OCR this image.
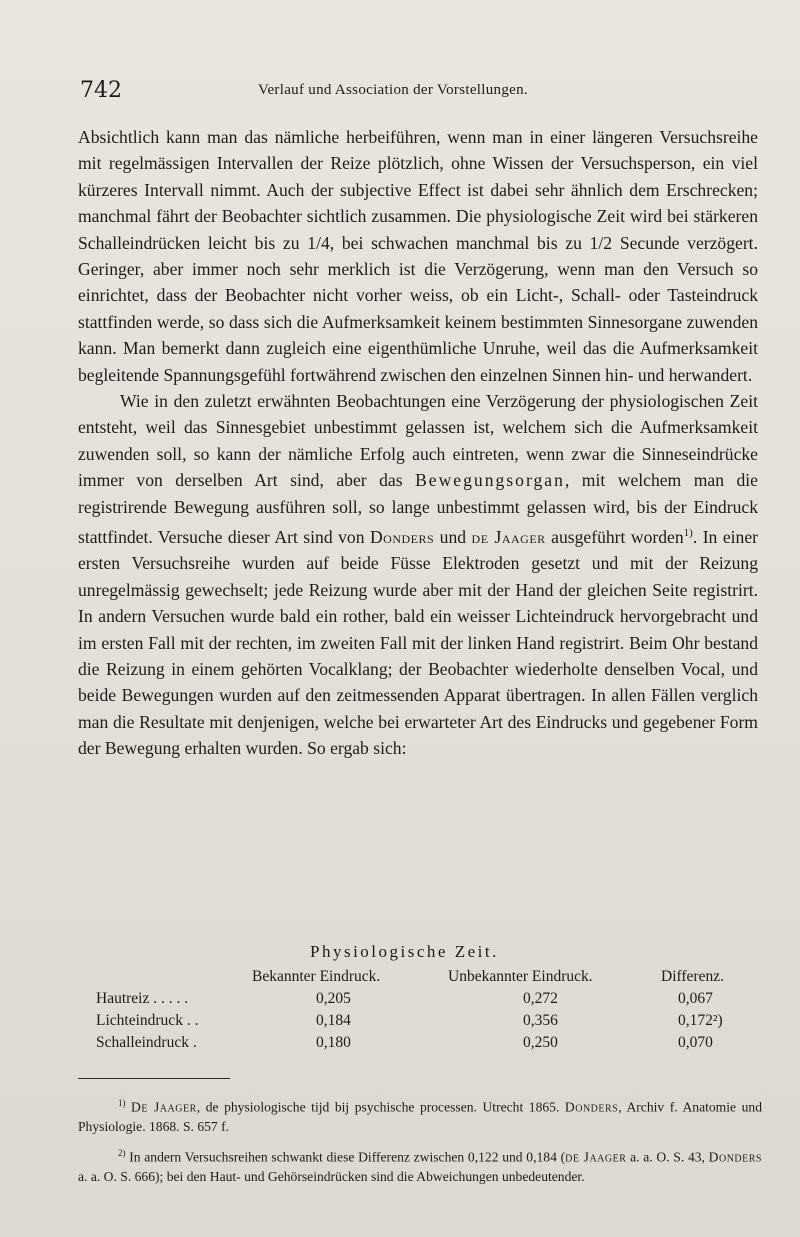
742	Verlauf und Association der Vorstellungen.

Absichtlich kann man das nämliche herbeiführen, wenn man in einer längeren Versuchsreihe mit regelmässigen Intervallen der Reize plötzlich, ohne Wissen der Versuchsperson, ein viel kürzeres Intervall nimmt. Auch der subjective Effect ist dabei sehr ähnlich dem Erschrecken; manchmal fährt der Beobachter sichtlich zusammen. Die physiologische Zeit wird bei stärkeren Schalleindrücken leicht bis zu 1/4, bei schwachen manchmal bis zu 1/2 Secunde verzögert. Geringer, aber immer noch sehr merklich ist die Verzögerung, wenn man den Versuch so einrichtet, dass der Beobachter nicht vorher weiss, ob ein Licht-, Schall- oder Tasteindruck stattfinden werde, so dass sich die Aufmerksamkeit keinem bestimmten Sinnesorgane zuwenden kann. Man bemerkt dann zugleich eine eigenthümliche Unruhe, weil das die Aufmerksamkeit begleitende Spannungsgefühl fortwährend zwischen den einzelnen Sinnen hin- und herwandert.

Wie in den zuletzt erwähnten Beobachtungen eine Verzögerung der physiologischen Zeit entsteht, weil das Sinnesgebiet unbestimmt gelassen ist, welchem sich die Aufmerksamkeit zuwenden soll, so kann der nämliche Erfolg auch eintreten, wenn zwar die Sinneseindrücke immer von derselben Art sind, aber das Bewegungsorgan, mit welchem man die registrirende Bewegung ausführen soll, so lange unbestimmt gelassen wird, bis der Eindruck stattfindet. Versuche dieser Art sind von Donders und de Jaager ausgeführt worden$^{1)}$. In einer ersten Versuchsreihe wurden auf beide Füsse Elektroden gesetzt und mit der Reizung unregelmässig gewechselt; jede Reizung wurde aber mit der Hand der gleichen Seite registrirt. In andern Versuchen wurde bald ein rother, bald ein weisser Lichteindruck hervorgebracht und im ersten Fall mit der rechten, im zweiten Fall mit der linken Hand registrirt. Beim Ohr bestand die Reizung in einem gehörten Vocalklang; der Beobachter wiederholte denselben Vocal, und beide Bewegungen wurden auf den zeitmessenden Apparat übertragen. In allen Fällen verglich man die Resultate mit denjenigen, welche bei erwarteter Art des Eindrucks und gegebener Form der Bewegung erhalten wurden. So ergab sich:

Physiologische Zeit.
Bekannter Eindruck.	Unbekannter Eindruck.	Differenz.
Hautreiz . . . . .	0,205	0,272	0,067
Lichteindruck . .	0,184	0,356	0,172²)
Schalleindruck .	0,180	0,250	0,070

$^{1)}$ De Jaager, de physiologische tijd bij psychische processen. Utrecht 1865. Donders, Archiv f. Anatomie und Physiologie. 1868. S. 657 f.

$^{2)}$ In andern Versuchsreihen schwankt diese Differenz zwischen 0,122 und 0,184 (de Jaager a. a. O. S. 43, Donders a. a. O. S. 666); bei den Haut- und Gehörseindrücken sind die Abweichungen unbedeutender.
